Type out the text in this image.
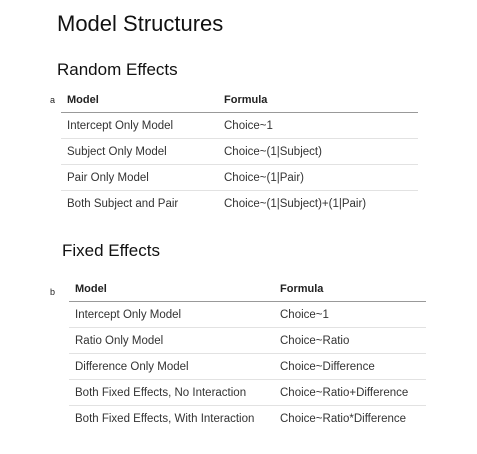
Model Structures
Random Effects
a Model	Formula
Intercept Only Model	Choice~1
Subject Only Model	Choice~(1|Subject)
Pair Only Model	Choice~(1|Pair)
Both Subject and Pair	Choice~(1|Subject)+(1|Pair)
Fixed Effects
b Model	Formula
Intercept Only Model	Choice~1
Ratio Only Model	Choice~Ratio
Difference Only Model	Choice~Difference
Both Fixed Effects, No Interaction	Choice~Ratio+Difference
Both Fixed Effects, With Interaction	Choice~Ratio*Difference
